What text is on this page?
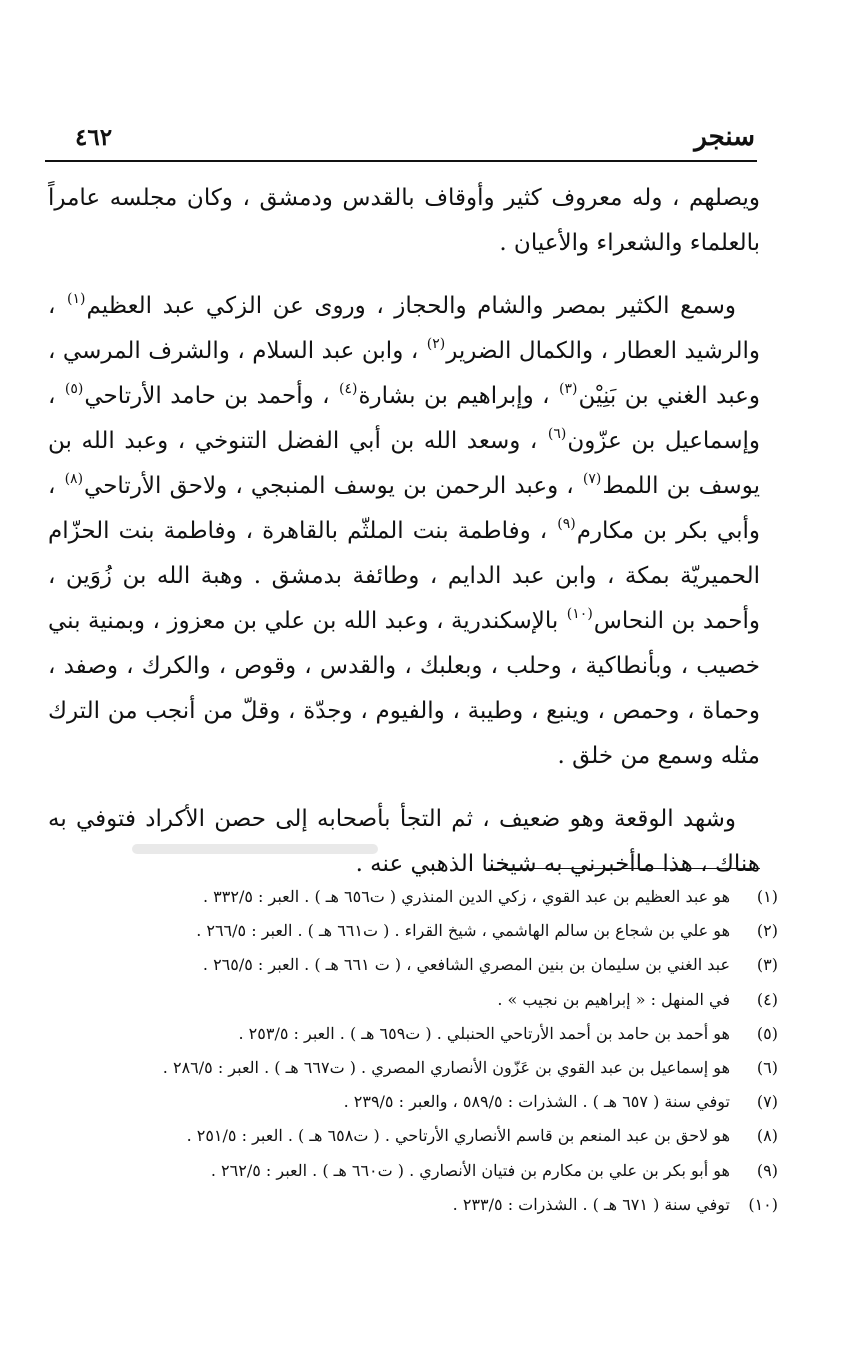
٤٦٢	سنجر

ويصلهم ، وله معروف كثير وأوقاف بالقدس ودمشق ، وكان مجلسه عامراً بالعلماء والشعراء والأعيان .

وسمع الكثير بمصر والشام والحجاز ، وروى عن الزكي عبد العظيم$^{(١)}$ ، والرشيد العطار ، والكمال الضرير$^{(٢)}$ ، وابن عبد السلام ، والشرف المرسي ، وعبد الغني بن بَنِيْن$^{(٣)}$ ، وإبراهيم بن بشارة$^{(٤)}$ ، وأحمد بن حامد الأرتاحي$^{(٥)}$ ، وإسماعيل بن عزّون$^{(٦)}$ ، وسعد الله بن أبي الفضل التنوخي ، وعبد الله بن يوسف بن اللمط$^{(٧)}$ ، وعبد الرحمن بن يوسف المنبجي ، ولاحق الأرتاحي$^{(٨)}$ ، وأبي بكر بن مكارم$^{(٩)}$ ، وفاطمة بنت الملثّم بالقاهرة ، وفاطمة بنت الحزّام الحميريّة بمكة ، وابن عبد الدايم ، وطائفة بدمشق . وهبة الله بن زُوَين ، وأحمد بن النحاس$^{(١٠)}$ بالإسكندرية ، وعبد الله بن علي بن معزوز ، وبمنية بني خصيب ، وبأنطاكية ، وحلب ، وبعلبك ، والقدس ، وقوص ، والكرك ، وصفد ، وحماة ، وحمص ، وينبع ، وطيبة ، والفيوم ، وجدّة ، وقلّ من أنجب من الترك مثله وسمع من خلق .

وشهد الوقعة وهو ضعيف ، ثم التجأ بأصحابه إلى حصن الأكراد فتوفي به هناك ، هذا ماأخبرني به شيخنا الذهبي عنه .

(١)
هو عبد العظيم بن عبد القوي ، زكي الدين المنذري ( ت٦٥٦ هـ ) . العبر : ٣٣٢/٥ .
(٢)
هو علي بن شجاع بن سالم الهاشمي ، شيخ القراء . ( ت٦٦١ هـ ) . العبر : ٢٦٦/٥ .
(٣)
عبد الغني بن سليمان بن بنين المصري الشافعي ، ( ت ٦٦١ هـ ) . العبر : ٢٦٥/٥ .
(٤)
في المنهل : « إبراهيم بن نجيب » .
(٥)
هو أحمد بن حامد بن أحمد الأرتاحي الحنبلي . ( ت٦٥٩ هـ ) . العبر : ٢٥٣/٥ .
(٦)
هو إسماعيل بن عبد القوي بن عَزّون الأنصاري المصري . ( ت٦٦٧ هـ ) . العبر : ٢٨٦/٥ .
(٧)
توفي سنة ( ٦٥٧ هـ ) . الشذرات : ٥٨٩/٥ ، والعبر : ٢٣٩/٥ .
(٨)
هو لاحق بن عبد المنعم بن قاسم الأنصاري الأرتاحي . ( ت٦٥٨ هـ ) . العبر : ٢٥١/٥ .
(٩)
هو أبو بكر بن علي بن مكارم بن فتيان الأنصاري . ( ت٦٦٠ هـ ) . العبر : ٢٦٢/٥ .
(١٠)
توفي سنة ( ٦٧١ هـ ) . الشذرات : ٢٣٣/٥ .
